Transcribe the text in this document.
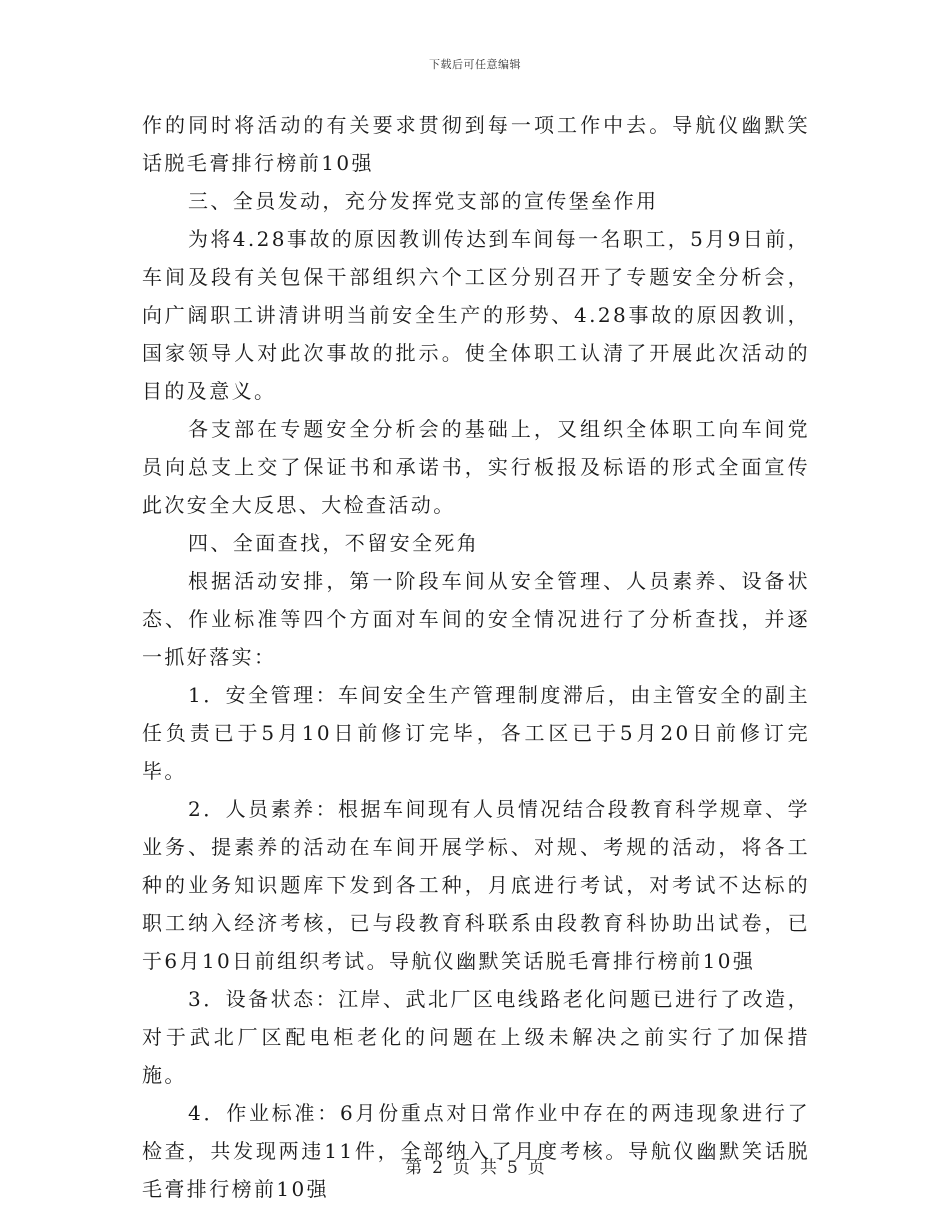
下载后可任意编辑

作的同时将活动的有关要求贯彻到每一项工作中去。导航仪幽默笑话脱毛膏排行榜前10强

三、全员发动，充分发挥党支部的宣传堡垒作用

为将4.28事故的原因教训传达到车间每一名职工，5月9日前，车间及段有关包保干部组织六个工区分别召开了专题安全分析会，向广阔职工讲清讲明当前安全生产的形势、4.28事故的原因教训，国家领导人对此次事故的批示。使全体职工认清了开展此次活动的目的及意义。

各支部在专题安全分析会的基础上，又组织全体职工向车间党员向总支上交了保证书和承诺书，实行板报及标语的形式全面宣传此次安全大反思、大检查活动。

四、全面查找，不留安全死角

根据活动安排，第一阶段车间从安全管理、人员素养、设备状态、作业标准等四个方面对车间的安全情况进行了分析查找，并逐一抓好落实：

1．安全管理：车间安全生产管理制度滞后，由主管安全的副主任负责已于5月10日前修订完毕，各工区已于5月20日前修订完毕。

2．人员素养：根据车间现有人员情况结合段教育科学规章、学业务、提素养的活动在车间开展学标、对规、考规的活动，将各工种的业务知识题库下发到各工种，月底进行考试，对考试不达标的职工纳入经济考核，已与段教育科联系由段教育科协助出试卷，已于6月10日前组织考试。导航仪幽默笑话脱毛膏排行榜前10强

3．设备状态：江岸、武北厂区电线路老化问题已进行了改造，对于武北厂区配电柜老化的问题在上级未解决之前实行了加保措施。

4．作业标准：6月份重点对日常作业中存在的两违现象进行了检查，共发现两违11件，全部纳入了月度考核。导航仪幽默笑话脱毛膏排行榜前10强

第 2 页 共 5 页
